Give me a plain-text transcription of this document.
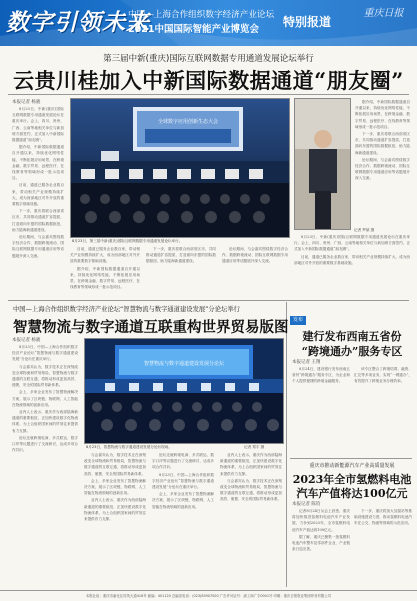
数字引领未来
中国—上海合作组织数字经济产业论坛
2021中国国际智能产业博览会
特别报道
重庆日报
第三届中新(重庆)国际互联网数据专用通道发展论坛举行
云贵川桂加入中新国际数据通道“朋友圈”
本报记者 杨骏

8月23日，中新(重庆)国际互联网数据专用通道发展论坛在重庆举行。会上，四川、贵州、广西、云南等地相关单位与新加坡方面签约，正式加入中新国际数据通道“朋友圈”。

据介绍，中新国际数据通道自开通以来，持续优化网络性能，不断拓展应用场景，在跨境金融、数字贸易、远程医疗、在线教育等领域形成一批示范项目。

目前，通道已服务企业数百家，带动相关产业规模持续扩大，成为西部地区对外开放的重要数字基础设施。

下一步，重庆将联合西部省区市，共同推动通道扩容提质，打造面向东盟的国际数据枢纽，助力陆海新通道建设。

论坛期间，与会嘉宾围绕数字经济合作、数据跨境流动、国际互联网数据专用通道应用等话题展开深入交流。

全球数字应用创新生态大会
8月23日，第三届中新(重庆)国际互联网数据专用通道发展论坛举行。
记者 罗斌 摄

据介绍，中新国际数据通道自开通以来，持续优化网络性能，不断拓展应用场景，在跨境金融、数字贸易、远程医疗、在线教育等领域形成一批示范项目。

下一步，重庆将联合西部省区市，共同推动通道扩容提质，打造面向东盟的国际数据枢纽，助力陆海新通道建设。

论坛期间，与会嘉宾围绕数字经济合作、数据跨境流动、国际互联网数据专用通道应用等话题展开深入交流。

目前，通道已服务企业数百家，带动相关产业规模持续扩大，成为西部地区对外开放的重要数字基础设施。

据介绍，中新国际数据通道自开通以来，持续优化网络性能，不断拓展应用场景，在跨境金融、数字贸易、远程医疗、在线教育等领域形成一批示范项目。

下一步，重庆将联合西部省区市，共同推动通道扩容提质，打造面向东盟的国际数据枢纽，助力陆海新通道建设。

论坛期间，与会嘉宾围绕数字经济合作、数据跨境流动、国际互联网数据专用通道应用等话题展开深入交流。

8月23日，中新(重庆)国际互联网数据专用通道发展论坛在重庆举行。会上，四川、贵州、广西、云南等地相关单位与新加坡方面签约，正式加入中新国际数据通道“朋友圈”。

目前，通道已服务企业数百家，带动相关产业规模持续扩大，成为西部地区对外开放的重要数字基础设施。

中国—上海合作组织数字经济产业论坛“智慧物流与数字通道建设发展”分论坛举行
智慧物流与数字通道互联重构世界贸易版图
本报记者 杨骏

8月23日，中国—上海合作组织数字经济产业论坛“智慧物流与数字通道建设发展”分论坛在重庆举行。

与会嘉宾认为，数字技术正在深刻改变全球物流和贸易格局，智慧物流与数字通道的互联互通，将推动形成更加高效、便捷、安全的国际贸易新体系。

会上，多家企业发布了智慧物流解决方案，展示了区块链、物联网、人工智能在物流领域的创新应用。

业内人士表示，重庆作为西部陆海新通道的重要枢纽，正加快建设数字化物流体系，为上合组织国家间的贸易往来提供有力支撑。

论坛还就跨境电商、多式联运、数字口岸等议题进行了交流研讨，达成多项合作共识。

智慧物流与数字通道建设发展分论坛
8月23日，智慧物流与数字通道建设发展分论坛现场。	记者 郑宇 摄

与会嘉宾认为，数字技术正在深刻改变全球物流和贸易格局，智慧物流与数字通道的互联互通，将推动形成更加高效、便捷、安全的国际贸易新体系。

会上，多家企业发布了智慧物流解决方案，展示了区块链、物联网、人工智能在物流领域的创新应用。

业内人士表示，重庆作为西部陆海新通道的重要枢纽，正加快建设数字化物流体系，为上合组织国家间的贸易往来提供有力支撑。

论坛还就跨境电商、多式联运、数字口岸等议题进行了交流研讨，达成多项合作共识。

8月23日，中国—上海合作组织数字经济产业论坛“智慧物流与数字通道建设发展”分论坛在重庆举行。

会上，多家企业发布了智慧物流解决方案，展示了区块链、物联网、人工智能在物流领域的创新应用。

业内人士表示，重庆作为西部陆海新通道的重要枢纽，正加快建设数字化物流体系，为上合组织国家间的贸易往来提供有力支撑。

与会嘉宾认为，数字技术正在深刻改变全球物流和贸易格局，智慧物流与数字通道的互联互通，将推动形成更加高效、便捷、安全的国际贸易新体系。

发布
建行发布西南五省份
“跨境通办”服务专区
本报记者 王翔

8月24日，建设银行发布西南五省份“跨境通办”服务专区，为企业和个人提供便捷的跨境金融服务。

该专区整合了跨境结算、融资、汇兑等多项业务，实现“一网通办”，有效提升了跨境业务办理效率。

重庆市推动新能源汽车产业高质量发展
2023年全市氢燃料电池
汽车产值将达100亿元
本报记者 陈钧

记者8月24日从会上获悉，重庆将加快推进氢燃料电池汽车产业发展，力争到2023年，全市氢燃料电池汽车产值达到100亿元。

据了解，重庆已聚集一批氢燃料电池汽车整车及零部件企业，产业链条日趋完善。

下一步，重庆将加大加氢站等基础设施建设力度，推动氢燃料电池汽车在公交、物流等领域的示范应用。

本报社址：重庆市渝北区同茂大道416号 邮编：401120 总编室电话：(023)63907000 广告许可证号：渝工商广字0001号 印刷：重庆日报报业集团印务有限公司
